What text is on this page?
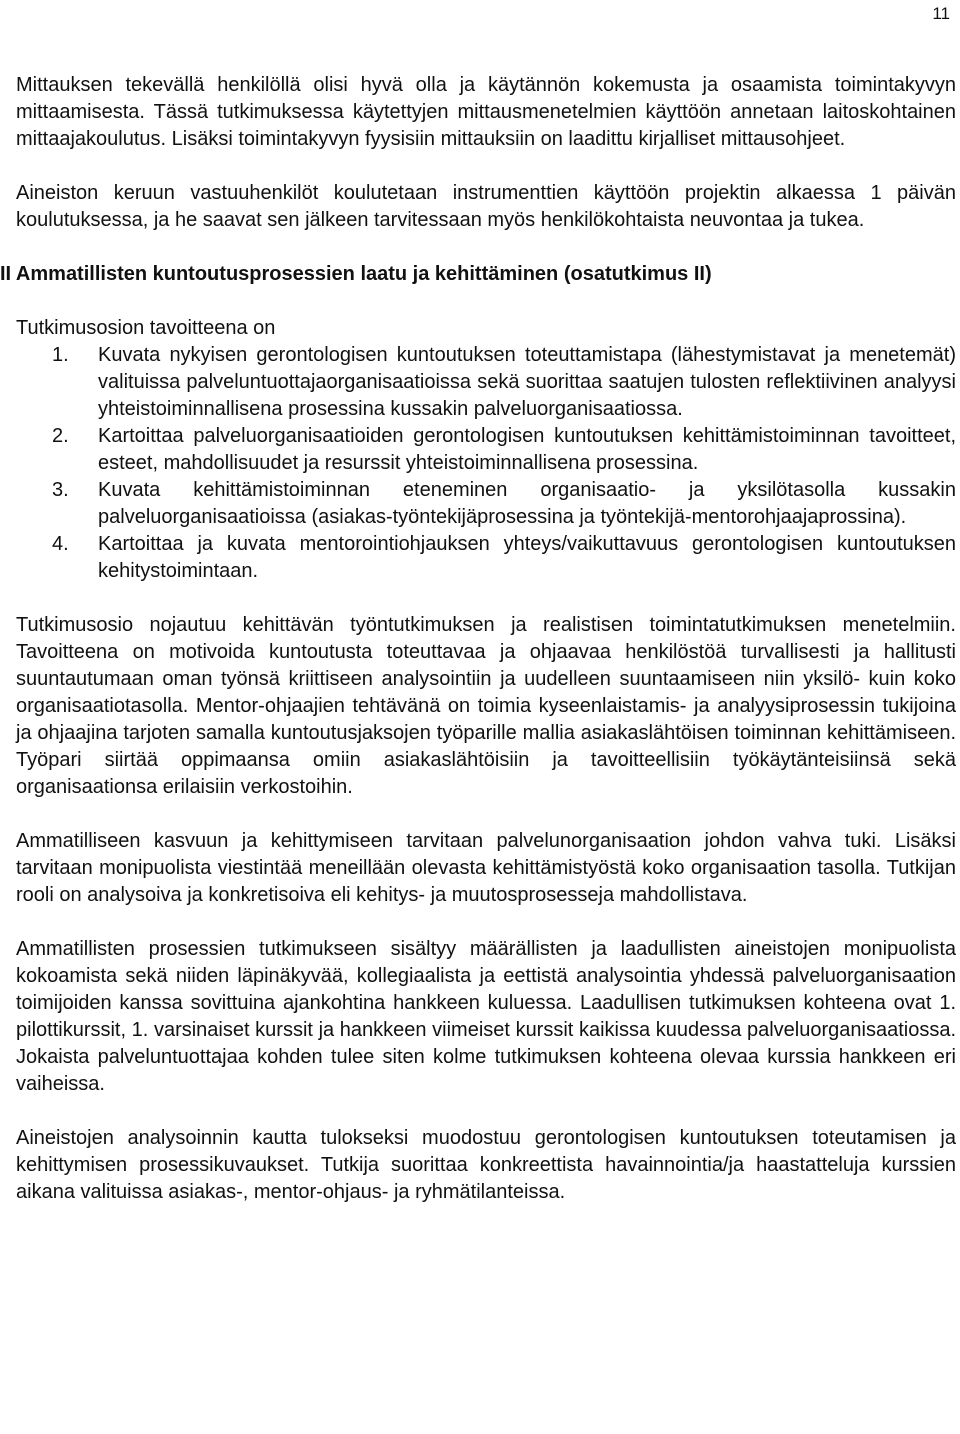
11

Mittauksen tekevällä henkilöllä olisi hyvä olla ja käytännön kokemusta ja osaamista toimintakyvyn mittaamisesta. Tässä tutkimuksessa käytettyjen mittausmenetelmien käyttöön annetaan laitoskohtainen mittaajakoulutus. Lisäksi toimintakyvyn fyysisiin mittauksiin on laadittu kirjalliset mittausohjeet.

Aineiston keruun vastuuhenkilöt koulutetaan instrumenttien käyttöön projektin alkaessa 1 päivän koulutuksessa, ja he saavat sen jälkeen tarvitessaan myös henkilökohtaista neuvontaa ja tukea.

II Ammatillisten kuntoutusprosessien laatu ja kehittäminen (osatutkimus II)

Tutkimusosion tavoitteena on

1. Kuvata nykyisen gerontologisen kuntoutuksen toteuttamistapa (lähestymistavat ja menetemät) valituissa palveluntuottajaorganisaatioissa sekä suorittaa saatujen tulosten reflektiivinen analyysi yhteistoiminnallisena prosessina kussakin palveluorganisaatiossa.
2. Kartoittaa palveluorganisaatioiden gerontologisen kuntoutuksen kehittämistoiminnan tavoitteet, esteet, mahdollisuudet ja resurssit yhteistoiminnallisena prosessina.
3. Kuvata kehittämistoiminnan eteneminen organisaatio- ja yksilötasolla kussakin palveluorganisaatioissa (asiakas-työntekijäprosessina ja työntekijä-mentorohjaajaprossina).
4. Kartoittaa ja kuvata mentorointiohjauksen yhteys/vaikuttavuus gerontologisen kuntoutuksen kehitystoimintaan.

Tutkimusosio nojautuu kehittävän työntutkimuksen ja realistisen toimintatutkimuksen menetelmiin. Tavoitteena on motivoida kuntoutusta toteuttavaa ja ohjaavaa henkilöstöä turvallisesti ja hallitusti suuntautumaan oman työnsä kriittiseen analysointiin ja uudelleen suuntaamiseen niin yksilö- kuin koko organisaatiotasolla. Mentor-ohjaajien tehtävänä on toimia kyseenlaistamis- ja analyysiprosessin tukijoina ja ohjaajina tarjoten samalla kuntoutusjaksojen työparille mallia asiakaslähtöisen toiminnan kehittämiseen. Työpari siirtää oppimaansa omiin asiakaslähtöisiin ja tavoitteellisiin työkäytänteisiinsä sekä organisaationsa erilaisiin verkostoihin.

Ammatilliseen kasvuun ja kehittymiseen tarvitaan palvelunorganisaation johdon vahva tuki. Lisäksi tarvitaan monipuolista viestintää meneillään olevasta kehittämistyöstä koko organisaation tasolla. Tutkijan rooli on analysoiva ja konkretisoiva eli kehitys- ja muutosprosesseja mahdollistava.

Ammatillisten prosessien tutkimukseen sisältyy määrällisten ja laadullisten aineistojen monipuolista kokoamista sekä niiden läpinäkyvää, kollegiaalista ja eettistä analysointia yhdessä palveluorganisaation toimijoiden kanssa sovittuina ajankohtina hankkeen kuluessa. Laadullisen tutkimuksen kohteena ovat 1. pilottikurssit, 1. varsinaiset kurssit ja hankkeen viimeiset kurssit kaikissa kuudessa palveluorganisaatiossa. Jokaista palveluntuottajaa kohden tulee siten kolme tutkimuksen kohteena olevaa kurssia hankkeen eri vaiheissa.

Aineistojen analysoinnin kautta tulokseksi muodostuu gerontologisen kuntoutuksen toteutamisen ja kehittymisen prosessikuvaukset. Tutkija suorittaa konkreettista havainnointia/ja haastatteluja kurssien aikana valituissa asiakas-, mentor-ohjaus- ja ryhmätilanteissa.
